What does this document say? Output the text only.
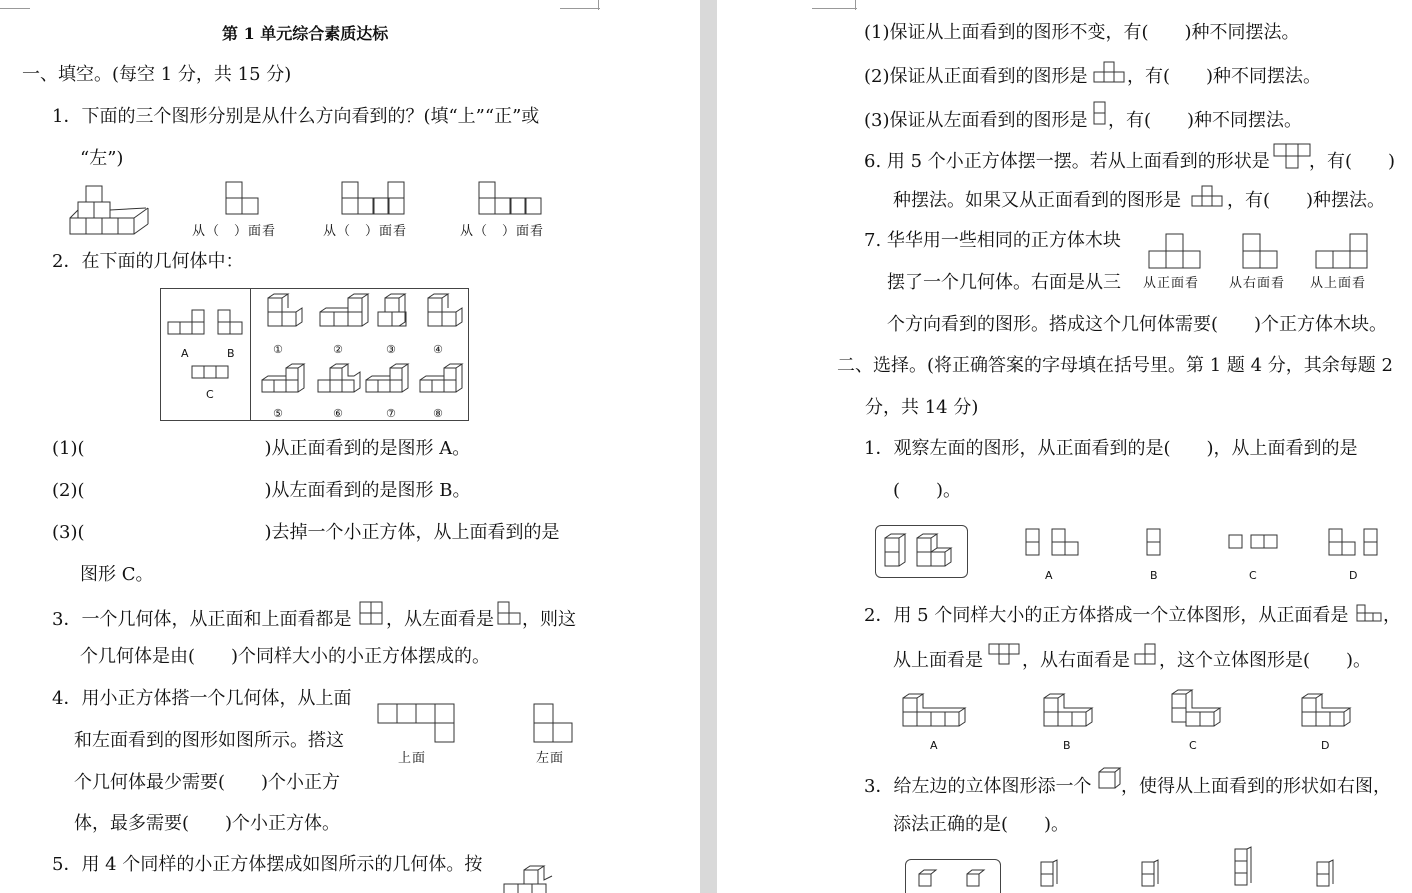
第 1 单元综合素质达标
一、填空。(每空 1 分，共 15 分)
1．下面的三个图形分别是从什么方向看到的？(填“上”“正”或
“左”)
从（　）面看	从（　）面看	从（　）面看
2．在下面的几何体中：
A	B
C
①	②	③	④
⑤	⑥	⑦	⑧
(1)(　　　　　　　　　　)从正面看到的是图形 A。
(2)(　　　　　　　　　　)从左面看到的是图形 B。
(3)(　　　　　　　　　　)去掉一个小正方体，从上面看到的是
图形 C。
3．一个几何体，从正面和上面看都是 ，从左面看是 ，则这
个几何体是由(　　)个同样大小的小正方体摆成的。
4．用小正方体搭一个几何体，从上面
和左面看到的图形如图所示。搭这
个几何体最少需要(　　)个小正方
体，最多需要(　　)个小正方体。
上面	左面
5．用 4 个同样的小正方体摆成如图所示的几何体。按
(1)保证从上面看到的图形不变，有(　　)种不同摆法。
(2)保证从正面看到的图形是 ，有(　　)种不同摆法。
(3)保证从左面看到的图形是 ，有(　　)种不同摆法。
6. 用 5 个小正方体摆一摆。若从上面看到的形状是 ，有(　　)
种摆法。如果又从正面看到的图形是	，有(　　)种摆法。
7. 华华用一些相同的正方体木块
摆了一个几何体。右面是从三
个方向看到的图形。搭成这个几何体需要(　　)个正方体木块。
从正面看 从右面看 从上面看
二、选择。(将正确答案的字母填在括号里。第 1 题 4 分，其余每题 2
分，共 14 分)
1．观察左面的图形，从正面看到的是(　　)，从上面看到的是
(　　)。
A	B	C	D
2．用 5 个同样大小的正方体搭成一个立体图形，从正面看是 ，
从上面看是 ，从右面看是 ，这个立体图形是(　　)。
A	B	C	D
3．给左边的立体图形添一个 ，使得从上面看到的形状如右图，
添法正确的是(　　)。
